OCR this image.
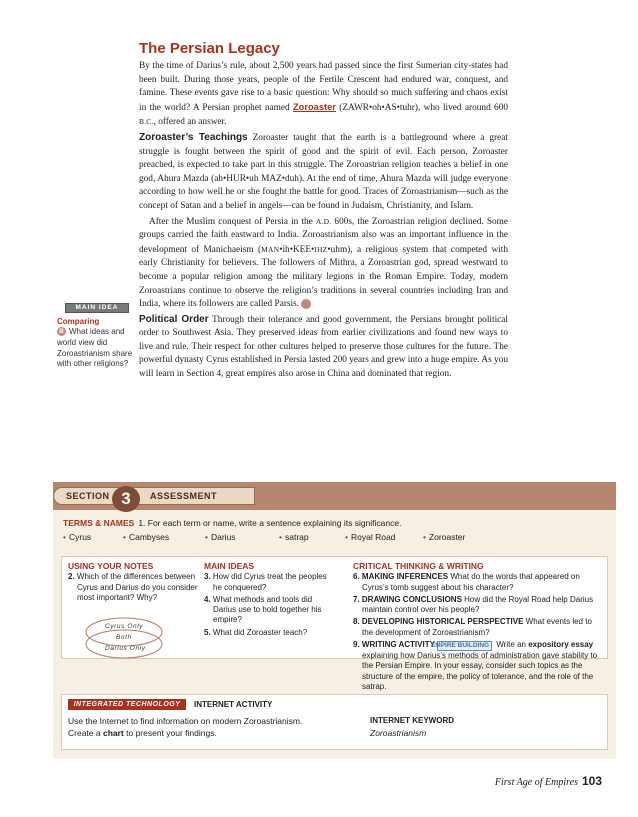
The Persian Legacy

By the time of Darius’s rule, about 2,500 years had passed since the first Sumerian city-states had been built. During those years, people of the Fertile Crescent had endured war, conquest, and famine. These events gave rise to a basic question: Why should so much suffering and chaos exist in the world? A Persian prophet named Zoroaster (ZAWR•oh•AS•tuhr), who lived around 600 B.C., offered an answer.

Zoroaster’s Teachings Zoroaster taught that the earth is a battleground where a great struggle is fought between the spirit of good and the spirit of evil. Each person, Zoroaster preached, is expected to take part in this struggle. The Zoroastrian religion teaches a belief in one god, Ahura Mazda (ah•HUR•uh MAZ•duh). At the end of time, Ahura Mazda will judge everyone according to how well he or she fought the battle for good. Traces of Zoroastrianism—such as the concept of Satan and a belief in angels—can be found in Judaism, Christianity, and Islam.

After the Muslim conquest of Persia in the A.D. 600s, the Zoroastrian religion declined. Some groups carried the faith eastward to India. Zoroastrianism also was an important influence in the development of Manichaeism (MAN•ih•KEE•IHZ•uhm), a religious system that competed with early Christianity for believers. The followers of Mithra, a Zoroastrian god, spread westward to become a popular religion among the military legions in the Roman Empire. Today, modern Zoroastrians continue to observe the religion’s traditions in several countries including Iran and India, where its followers are called Parsis. B

Political Order Through their tolerance and good government, the Persians brought political order to Southwest Asia. They preserved ideas from earlier civilizations and found new ways to live and rule. Their respect for other cultures helped to preserve those cultures for the future. The powerful dynasty Cyrus established in Persia lasted 200 years and grew into a huge empire. As you will learn in Section 4, great empires also arose in China and dominated that region.

MAIN IDEA
Comparing
B What ideas and world view did Zoroastrianism share with other religions?
SECTION	ASSESSMENT
3
TERMS & NAMES 1. For each term or name, write a sentence explaining its significance.
• Cyrus	• Cambyses	• Darius	• satrap	• Royal Road	• Zoroaster
USING YOUR NOTES
2. Which of the differences between Cyrus and Darius do you consider most important? Why?
Cyrus Only
Both
Darius Only
MAIN IDEAS
3. How did Cyrus treat the peoples he conquered?
4. What methods and tools did Darius use to hold together his empire?
5. What did Zoroaster teach?
CRITICAL THINKING & WRITING
6. MAKING INFERENCES What do the words that appeared on Cyrus’s tomb suggest about his character?
7. DRAWING CONCLUSIONS How did the Royal Road help Darius maintain control over his people?
8. DEVELOPING HISTORICAL PERSPECTIVE What events led to the development of Zoroastrianism?
9. WRITING ACTIVITYEMPIRE BUILDING Write an expository essay explaining how Darius’s methods of administration gave stability to the Persian Empire. In your essay, consider such topics as the structure of the empire, the policy of tolerance, and the role of the satrap.
INTEGRATED TECHNOLOGY	INTERNET ACTIVITY
Use the Internet to find information on modern Zoroastrianism.
Create a chart to present your findings.
INTERNET KEYWORD
Zoroastrianism
First Age of Empires 103
